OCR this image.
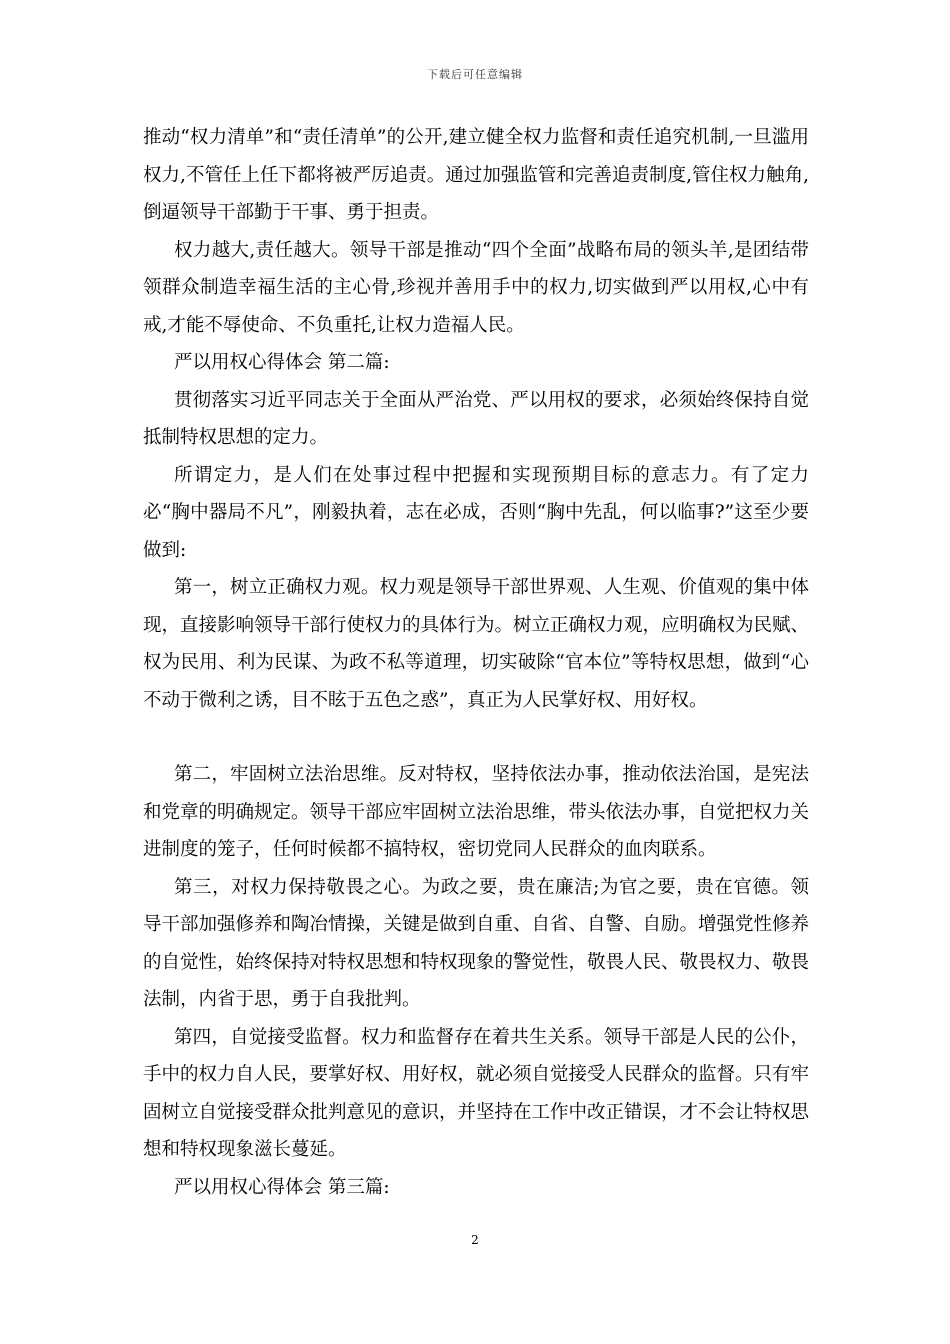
下载后可任意编辑

推动“权力清单”和“责任清单”的公开,建立健全权力监督和责任追究机制,一旦滥用权力,不管任上任下都将被严厉追责。通过加强监管和完善追责制度,管住权力触角,倒逼领导干部勤于干事、勇于担责。

权力越大,责任越大。领导干部是推动“四个全面”战略布局的领头羊,是团结带领群众制造幸福生活的主心骨,珍视并善用手中的权力,切实做到严以用权,心中有戒,才能不辱使命、不负重托,让权力造福人民。

严以用权心得体会 第二篇:

贯彻落实习近平同志关于全面从严治党、严以用权的要求，必须始终保持自觉抵制特权思想的定力。

所谓定力，是人们在处事过程中把握和实现预期目标的意志力。有了定力必“胸中器局不凡”，刚毅执着，志在必成，否则“胸中先乱，何以临事?”这至少要做到:

第一，树立正确权力观。权力观是领导干部世界观、人生观、价值观的集中体现，直接影响领导干部行使权力的具体行为。树立正确权力观，应明确权为民赋、权为民用、利为民谋、为政不私等道理，切实破除“官本位”等特权思想，做到“心不动于微利之诱，目不眩于五色之惑”，真正为人民掌好权、用好权。

第二，牢固树立法治思维。反对特权，坚持依法办事，推动依法治国，是宪法和党章的明确规定。领导干部应牢固树立法治思维，带头依法办事，自觉把权力关进制度的笼子，任何时候都不搞特权，密切党同人民群众的血肉联系。

第三，对权力保持敬畏之心。为政之要，贵在廉洁;为官之要，贵在官德。领导干部加强修养和陶冶情操，关键是做到自重、自省、自警、自励。增强党性修养的自觉性，始终保持对特权思想和特权现象的警觉性，敬畏人民、敬畏权力、敬畏法制，内省于思，勇于自我批判。

第四，自觉接受监督。权力和监督存在着共生关系。领导干部是人民的公仆，手中的权力自人民，要掌好权、用好权，就必须自觉接受人民群众的监督。只有牢固树立自觉接受群众批判意见的意识，并坚持在工作中改正错误，才不会让特权思想和特权现象滋长蔓延。

严以用权心得体会 第三篇:

2
